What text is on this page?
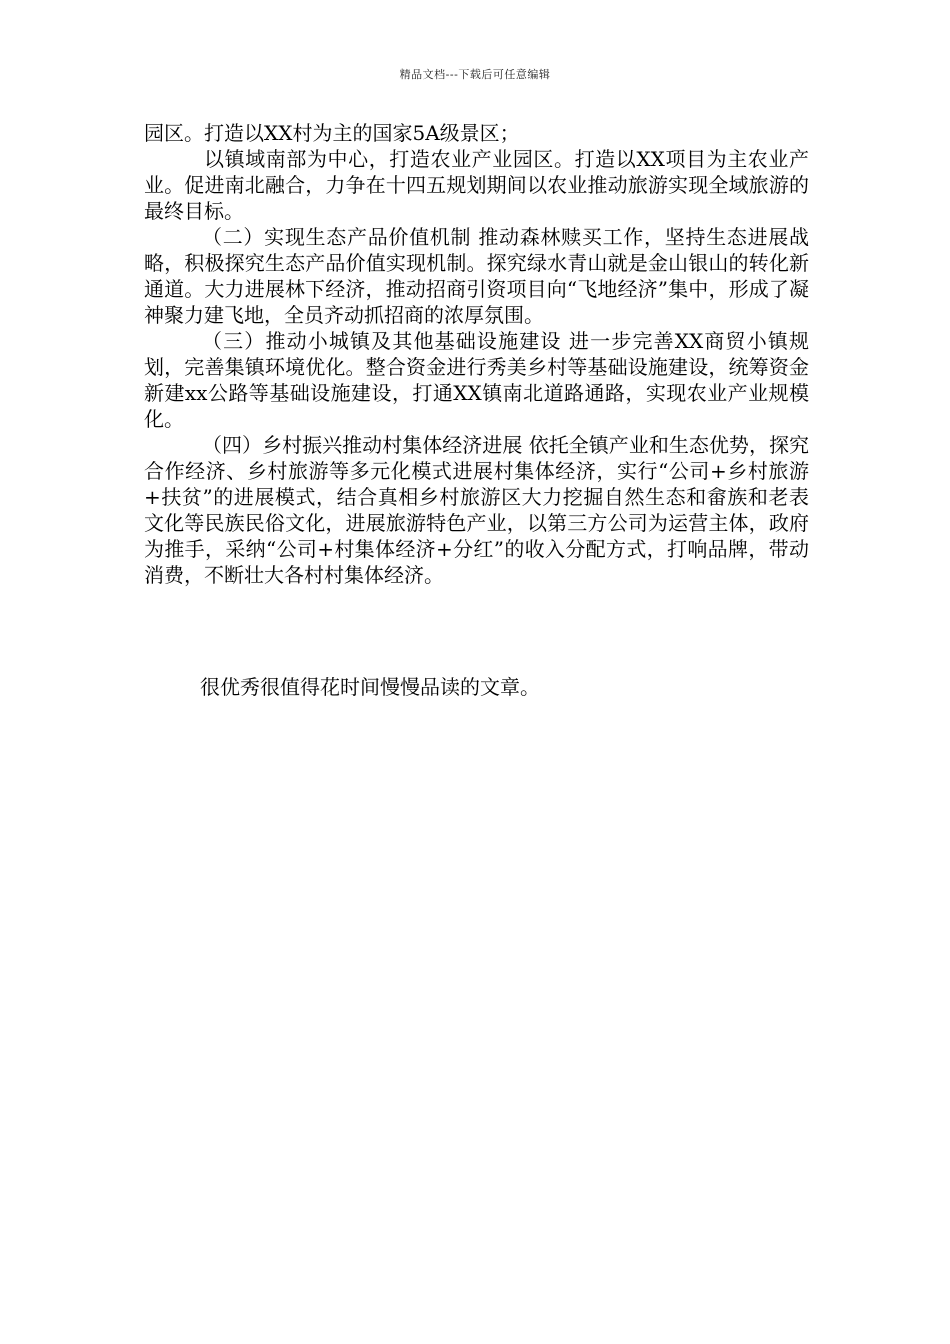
精品文档---下载后可任意编辑

园区。打造以XX村为主的国家5A级景区；

以镇域南部为中心，打造农业产业园区。打造以XX项目为主农业产业。促进南北融合，力争在十四五规划期间以农业推动旅游实现全域旅游的最终目标。

（二）实现生态产品价值机制 推动森林赎买工作，坚持生态进展战略，积极探究生态产品价值实现机制。探究绿水青山就是金山银山的转化新通道。大力进展林下经济，推动招商引资项目向“飞地经济”集中，形成了凝神聚力建飞地，全员齐动抓招商的浓厚氛围。

（三）推动小城镇及其他基础设施建设 进一步完善XX商贸小镇规划，完善集镇环境优化。整合资金进行秀美乡村等基础设施建设，统筹资金新建xx公路等基础设施建设，打通XX镇南北道路通路，实现农业产业规模化。

（四）乡村振兴推动村集体经济进展 依托全镇产业和生态优势，探究合作经济、乡村旅游等多元化模式进展村集体经济，实行“公司+乡村旅游+扶贫”的进展模式，结合真相乡村旅游区大力挖掘自然生态和畲族和老表文化等民族民俗文化，进展旅游特色产业，以第三方公司为运营主体，政府为推手，采纳“公司+村集体经济+分红”的收入分配方式，打响品牌，带动消费，不断壮大各村村集体经济。

很优秀很值得花时间慢慢品读的文章。
